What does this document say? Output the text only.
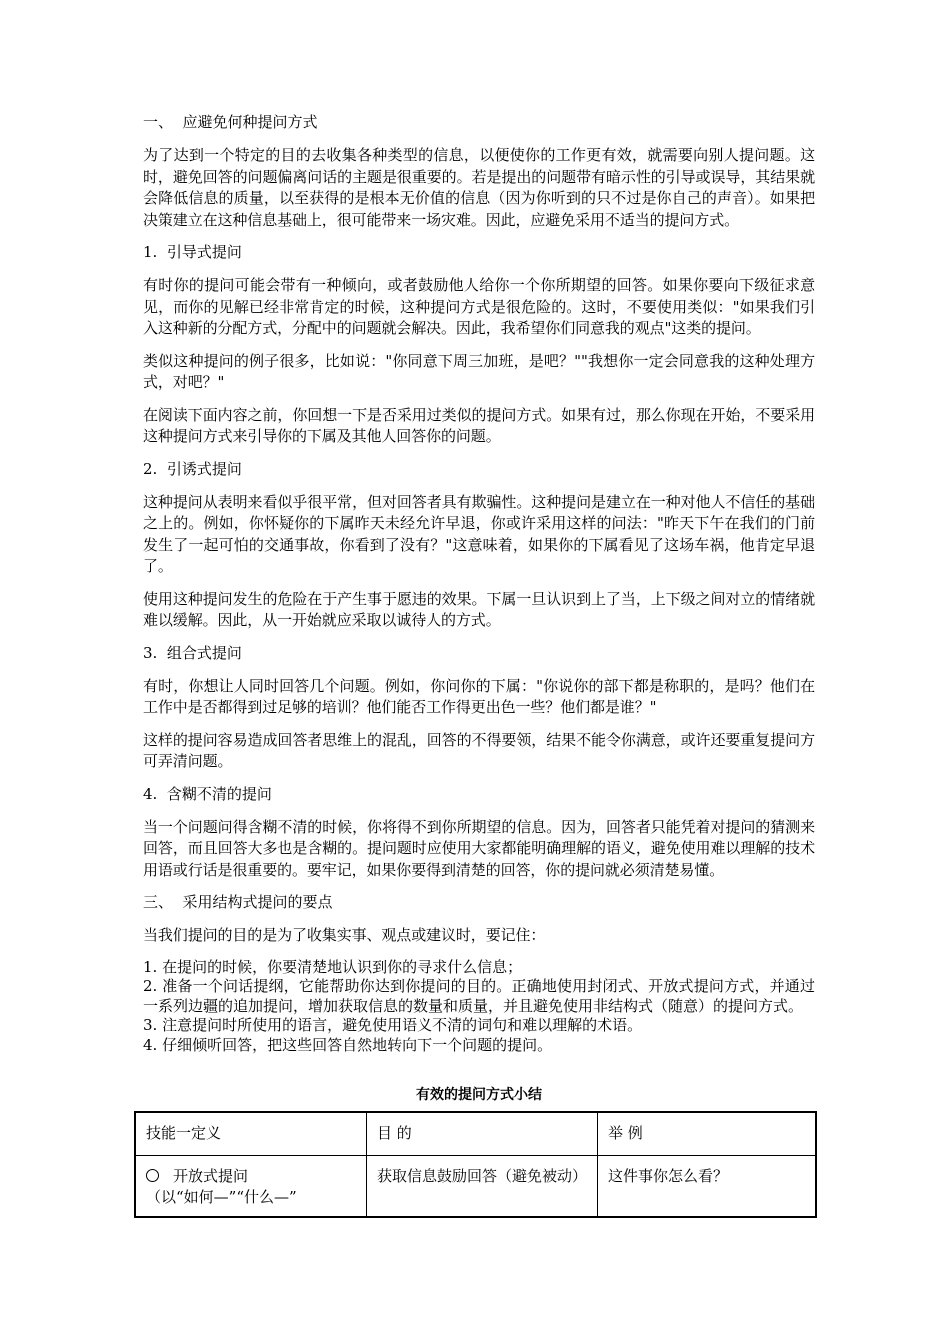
一、  应避免何种提问方式

为了达到一个特定的目的去收集各种类型的信息，以便使你的工作更有效，就需要向别人提问题。这时，避免回答的问题偏离问话的主题是很重要的。若是提出的问题带有暗示性的引导或误导，其结果就会降低信息的质量，以至获得的是根本无价值的信息（因为你听到的只不过是你自己的声音）。如果把决策建立在这种信息基础上，很可能带来一场灾难。因此，应避免采用不适当的提问方式。

1.  引导式提问

有时你的提问可能会带有一种倾向，或者鼓励他人给你一个你所期望的回答。如果你要向下级征求意见，而你的见解已经非常肯定的时候，这种提问方式是很危险的。这时，不要使用类似："如果我们引入这种新的分配方式，分配中的问题就会解决。因此，我希望你们同意我的观点"这类的提问。

类似这种提问的例子很多，比如说："你同意下周三加班，是吧？""我想你一定会同意我的这种处理方式，对吧？"

在阅读下面内容之前，你回想一下是否采用过类似的提问方式。如果有过，那么你现在开始，不要采用这种提问方式来引导你的下属及其他人回答你的问题。

2.  引诱式提问

这种提问从表明来看似乎很平常，但对回答者具有欺骗性。这种提问是建立在一种对他人不信任的基础之上的。例如，你怀疑你的下属昨天未经允许早退，你或许采用这样的问法："昨天下午在我们的门前发生了一起可怕的交通事故，你看到了没有？"这意味着，如果你的下属看见了这场车祸，他肯定早退了。

使用这种提问发生的危险在于产生事于愿违的效果。下属一旦认识到上了当，上下级之间对立的情绪就难以缓解。因此，从一开始就应采取以诚待人的方式。

3.  组合式提问

有时，你想让人同时回答几个问题。例如，你问你的下属："你说你的部下都是称职的，是吗？他们在工作中是否都得到过足够的培训？他们能否工作得更出色一些？他们都是谁？"

这样的提问容易造成回答者思维上的混乱，回答的不得要领，结果不能令你满意，或许还要重复提问方可弄清问题。

4.  含糊不清的提问

当一个问题问得含糊不清的时候，你将得不到你所期望的信息。因为，回答者只能凭着对提问的猜测来回答，而且回答大多也是含糊的。提问题时应使用大家都能明确理解的语义，避免使用难以理解的技术用语或行话是很重要的。要牢记，如果你要得到清楚的回答，你的提问就必须清楚易懂。

三、  采用结构式提问的要点

当我们提问的目的是为了收集实事、观点或建议时，要记住：

1. 在提问的时候，你要清楚地认识到你的寻求什么信息；

2. 准备一个问话提纲，它能帮助你达到你提问的目的。正确地使用封闭式、开放式提问方式，并通过一系列边疆的追加提问，增加获取信息的数量和质量，并且避免使用非结构式（随意）的提问方式。

3. 注意提问时所使用的语言，避免使用语义不清的词句和难以理解的术语。

4. 仔细倾听回答，把这些回答自然地转向下一个问题的提问。

有效的提问方式小结
技能一定义	目 的	举 例

开放式提问
（以“如何—”“什么—”	获取信息鼓励回答（避免被动）	这件事你怎么看？
